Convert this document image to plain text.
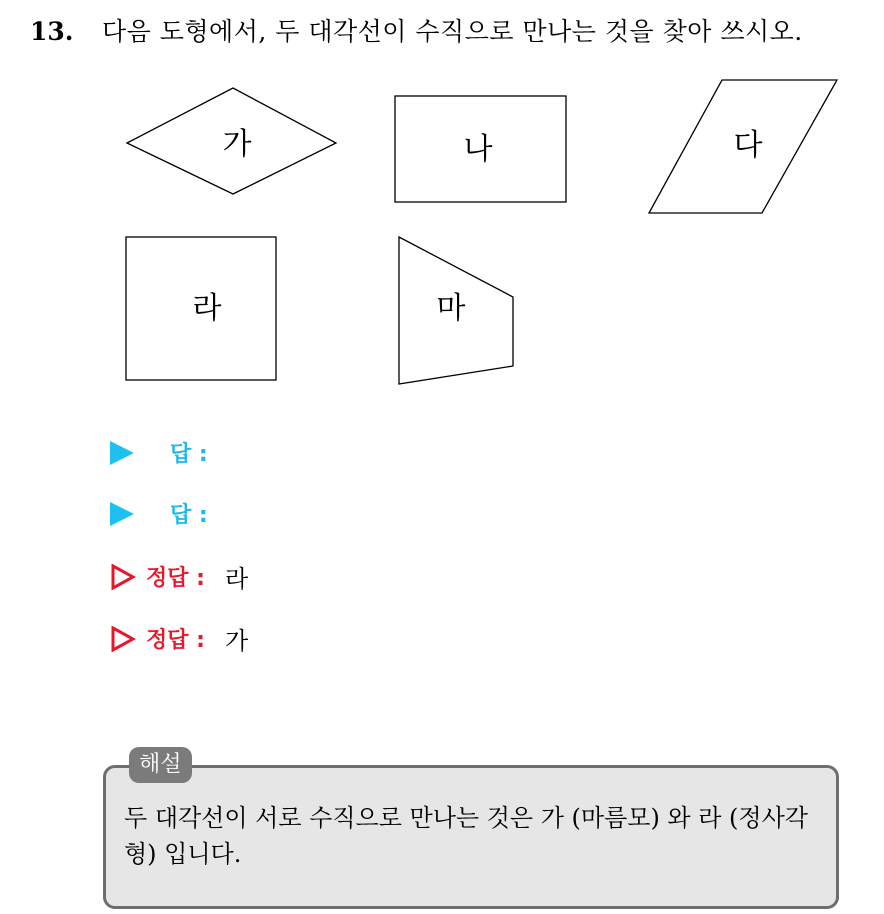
13.	다음 도형에서, 두 대각선이 수직으로 만나는 것을 찾아 쓰시오.
가	나	다
라	마
답 :
답 :
정답 : 라
정답 : 가
해설
두 대각선이 서로 수직으로 만나는 것은 가 (마름모) 와 라 (정사각형) 입니다.
